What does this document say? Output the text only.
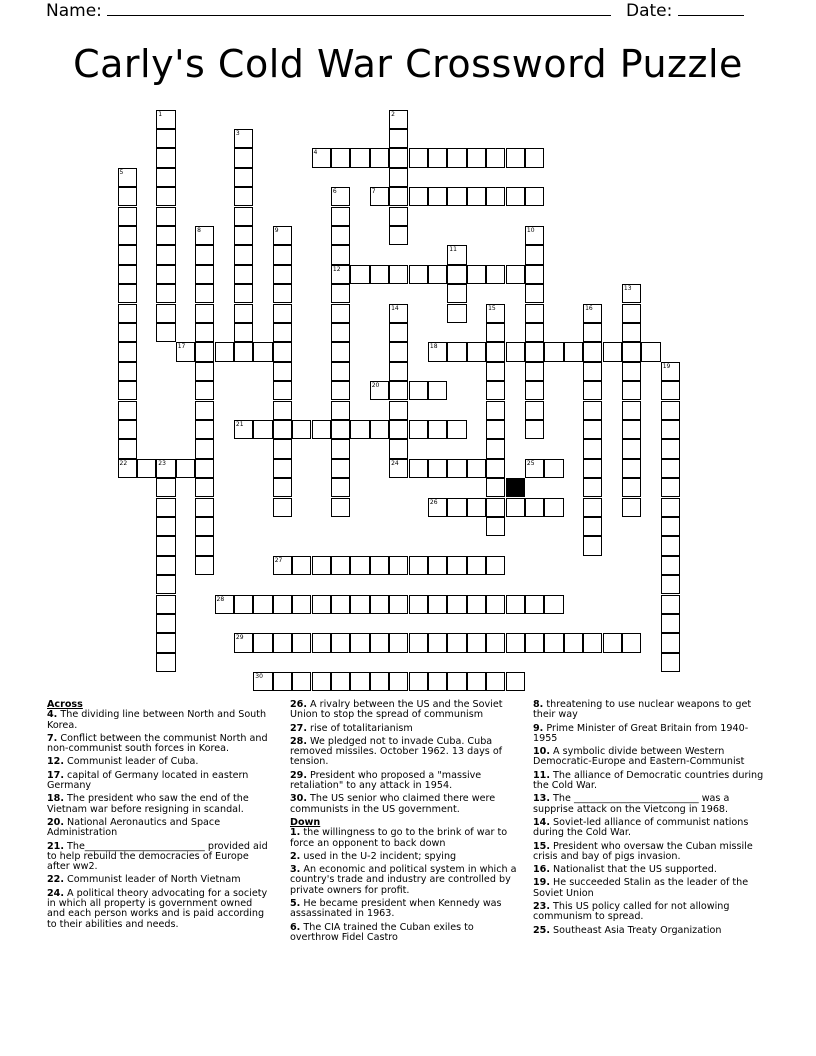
Name:	Date:
Carly's Cold War Crossword Puzzle
1	2
3
4
5
6
12
7
8	9	10
11
13
14	15	16
17	18
19
20
21
22	23	24	25
26
27
28
29
30
Across
4. The dividing line between North and South Korea.
7. Conflict between the communist North and non-communist south forces in Korea.
12. Communist leader of Cuba.
17. capital of Germany located in eastern Germany
18. The president who saw the end of the Vietnam war before resigning in scandal.
20. National Aeronautics and Space Administration
21. The_________________________ provided aid to help rebuild the democracies of Europe after ww2.
22. Communist leader of North Vietnam
24. A political theory advocating for a society in which all property is government owned and each person works and is paid according to their abilities and needs.
26. A rivalry between the US and the Soviet Union to stop the spread of communism
27. rise of totalitarianism
28. We pledged not to invade Cuba. Cuba removed missiles. October 1962. 13 days of tension.
29. President who proposed a "massive retaliation" to any attack in 1954.
30. The US senior who claimed there were communists in the US government.
Down
1. the willingness to go to the brink of war to force an opponent to back down
2. used in the U-2 incident; spying
3. An economic and political system in which a country's trade and industry are controlled by private owners for profit.
5. He became president when Kennedy was assassinated in 1963.
6. The CIA trained the Cuban exiles to overthrow Fidel Castro
8. threatening to use nuclear weapons to get their way
9. Prime Minister of Great Britain from 1940-1955
10. A symbolic divide between Western Democratic-Europe and Eastern-Communist
11. The alliance of Democratic countries during the Cold War.
13. The __________________________ was a supprise attack on the Vietcong in 1968.
14. Soviet-led alliance of communist nations during the Cold War.
15. President who oversaw the Cuban missile crisis and bay of pigs invasion.
16. Nationalist that the US supported.
19. He succeeded Stalin as the leader of the Soviet Union
23. This US policy called for not allowing communism to spread.
25. Southeast Asia Treaty Organization
